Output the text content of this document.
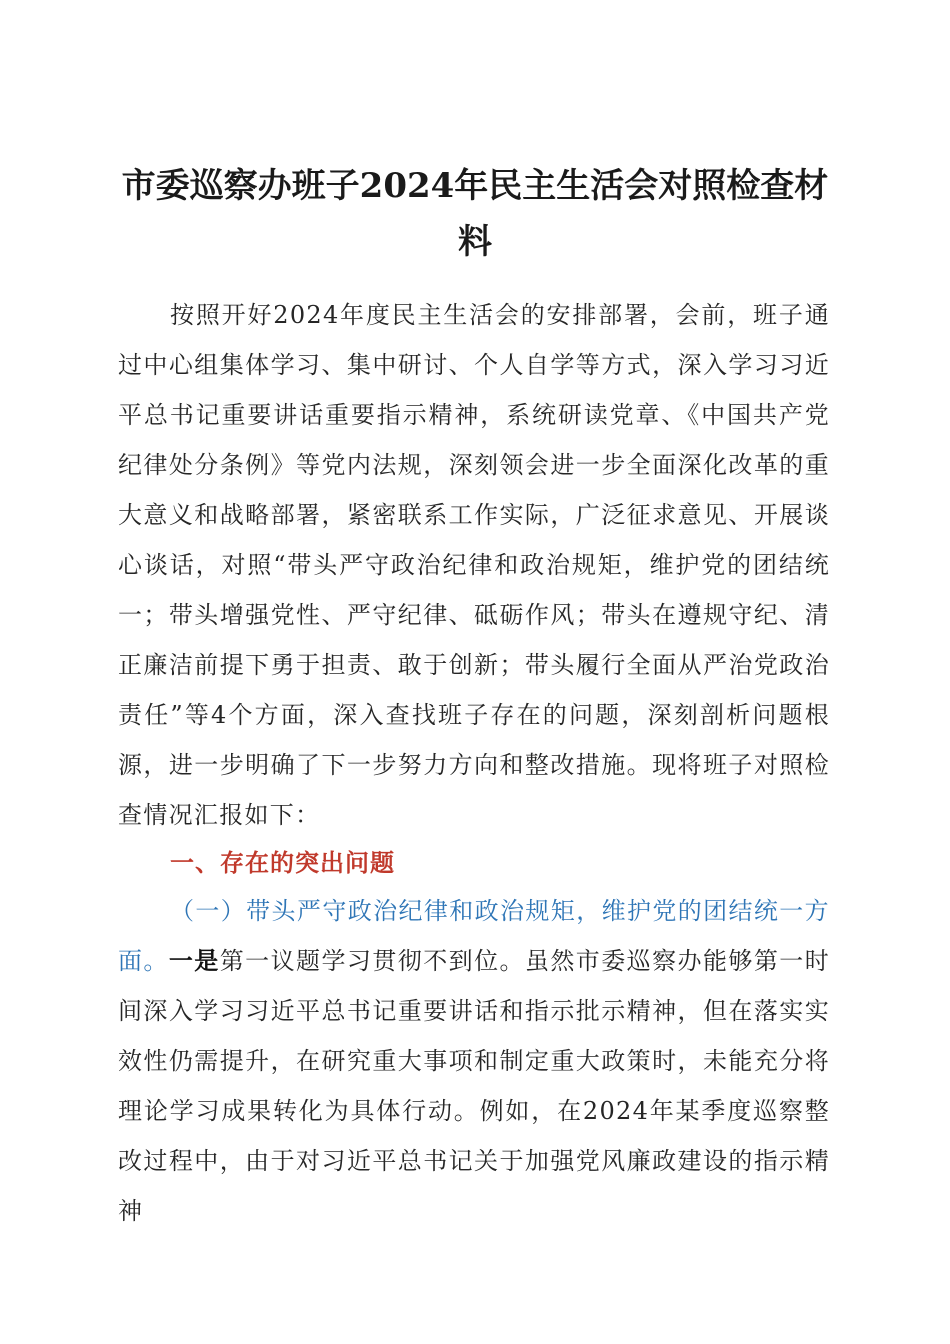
市委巡察办班子2024年民主生活会对照检查材料

按照开好2024年度民主生活会的安排部署，会前，班子通过中心组集体学习、集中研讨、个人自学等方式，深入学习习近平总书记重要讲话重要指示精神，系统研读党章、《中国共产党纪律处分条例》等党内法规，深刻领会进一步全面深化改革的重大意义和战略部署，紧密联系工作实际，广泛征求意见、开展谈心谈话，对照“带头严守政治纪律和政治规矩，维护党的团结统一；带头增强党性、严守纪律、砥砺作风；带头在遵规守纪、清正廉洁前提下勇于担责、敢于创新；带头履行全面从严治党政治责任”等4个方面，深入查找班子存在的问题，深刻剖析问题根源，进一步明确了下一步努力方向和整改措施。现将班子对照检查情况汇报如下：

一、存在的突出问题

（一）带头严守政治纪律和政治规矩，维护党的团结统一方面。一是第一议题学习贯彻不到位。虽然市委巡察办能够第一时间深入学习习近平总书记重要讲话和指示批示精神，但在落实实效性仍需提升，在研究重大事项和制定重大政策时，未能充分将理论学习成果转化为具体行动。例如，在2024年某季度巡察整改过程中，由于对习近平总书记关于加强党风廉政建设的指示精神
